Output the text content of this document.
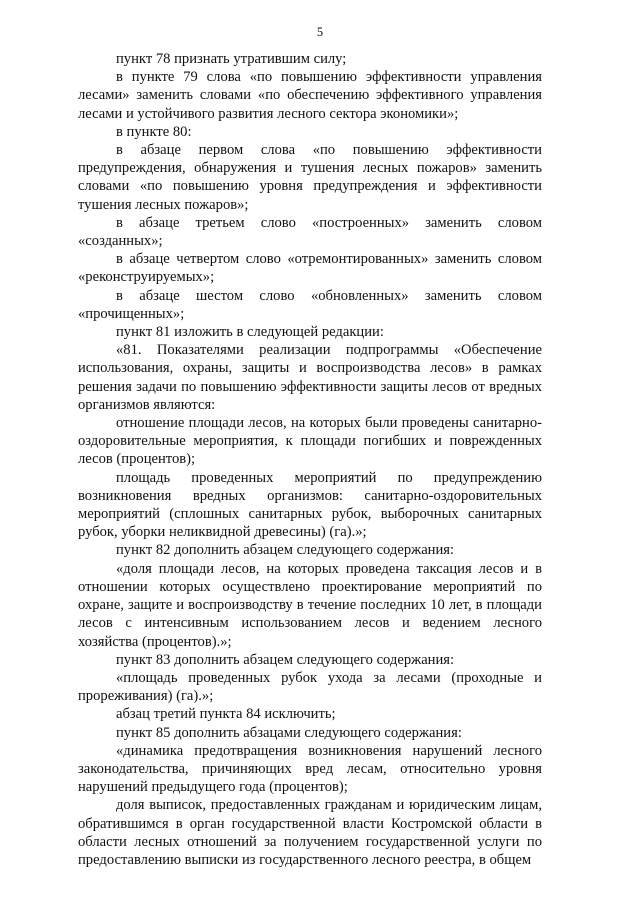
5

пункт 78 признать утратившим силу;

в пункте 79 слова «по повышению эффективности управления лесами» заменить словами «по обеспечению эффективного управления лесами и устойчивого развития лесного сектора экономики»;

в пункте 80:

в абзаце первом слова «по повышению эффективности предупреждения, обнаружения и тушения лесных пожаров» заменить словами «по повышению уровня предупреждения и эффективности тушения лесных пожаров»;

в абзаце третьем слово «построенных» заменить словом «созданных»;

в абзаце четвертом слово «отремонтированных» заменить словом «реконструируемых»;

в абзаце шестом слово «обновленных» заменить словом «прочищенных»;

пункт 81 изложить в следующей редакции:

«81. Показателями реализации подпрограммы «Обеспечение использования, охраны, защиты и воспроизводства лесов» в рамках решения задачи по повышению эффективности защиты лесов от вредных организмов являются:

отношение площади лесов, на которых были проведены санитарно-оздоровительные мероприятия, к площади погибших и поврежденных лесов (процентов);

площадь проведенных мероприятий по предупреждению возникновения вредных организмов: санитарно-оздоровительных мероприятий (сплошных санитарных рубок, выборочных санитарных рубок, уборки неликвидной древесины) (га).»;

пункт 82 дополнить абзацем следующего содержания:

«доля площади лесов, на которых проведена таксация лесов и в отношении которых осуществлено проектирование мероприятий по охране, защите и воспроизводству в течение последних 10 лет, в площади лесов с интенсивным использованием лесов и ведением лесного хозяйства (процентов).»;

пункт 83 дополнить абзацем следующего содержания:

«площадь проведенных рубок ухода за лесами (проходные и прореживания) (га).»;

абзац третий пункта 84 исключить;

пункт 85 дополнить абзацами следующего содержания:

«динамика предотвращения возникновения нарушений лесного законодательства, причиняющих вред лесам, относительно уровня нарушений предыдущего года (процентов);

доля выписок, предоставленных гражданам и юридическим лицам, обратившимся в орган государственной власти Костромской области в области лесных отношений за получением государственной услуги по предоставлению выписки из государственного лесного реестра, в общем
